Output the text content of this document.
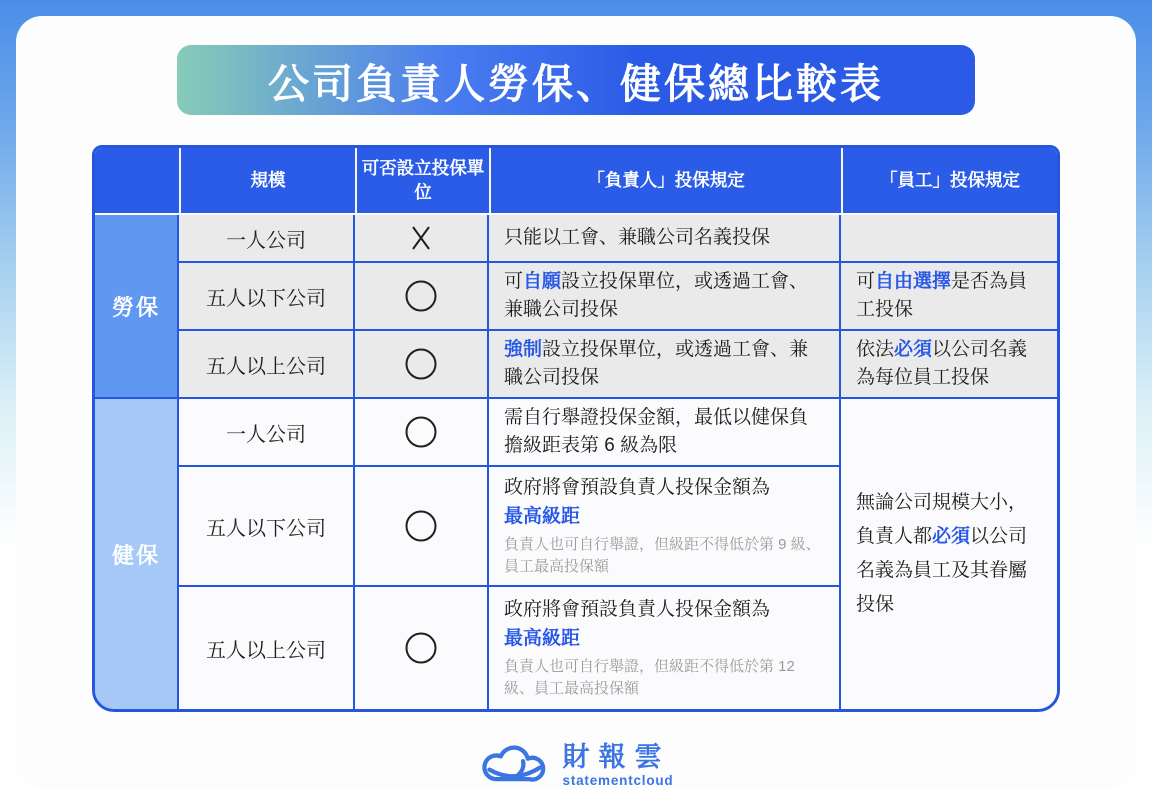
公司負責人勞保、健保總比較表
規模
可否設立投保單位
「負責人」投保規定	「員工」投保規定
勞保
健保
一人公司	只能以工會、兼職公司名義投保
五人以下公司
可自願設立投保單位，或透過工會、兼職公司投保
可自由選擇是否為員工投保
五人以上公司
強制設立投保單位，或透過工會、兼職公司投保
依法必須以公司名義為每位員工投保
一人公司
需自行舉證投保金額，最低以健保負擔級距表第 6 級為限
無論公司規模大小，負責人都必須以公司名義為員工及其眷屬投保
五人以下公司
政府將會預設負責人投保金額為
最高級距
負責人也可自行舉證，但級距不得低於第 9 級、員工最高投保額
五人以上公司
政府將會預設負責人投保金額為
最高級距
負責人也可自行舉證，但級距不得低於第 12 級、員工最高投保額
財報雲
statementcloud
